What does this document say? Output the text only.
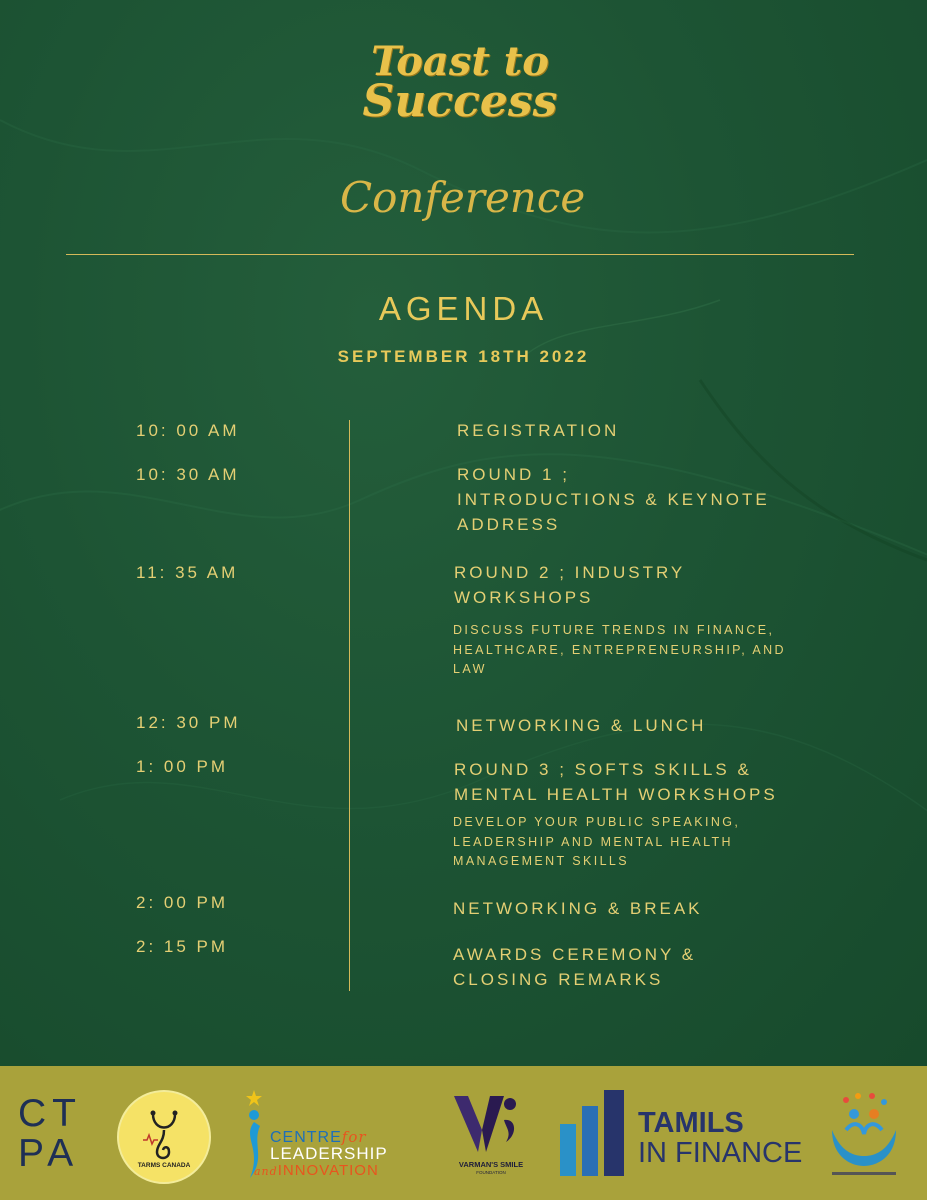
Toast to
Success
Conference
AGENDA
SEPTEMBER 18TH 2022
10: 00 AM	REGISTRATION
10: 30 AM	ROUND 1 ;
INTRODUCTIONS & KEYNOTE
ADDRESS
11: 35 AM	ROUND 2 ; INDUSTRY
WORKSHOPS
DISCUSS FUTURE TRENDS IN FINANCE,
HEALTHCARE, ENTREPRENEURSHIP, AND
LAW
12: 30 PM	NETWORKING & LUNCH
1: 00 PM	ROUND 3 ; SOFTS SKILLS &
MENTAL HEALTH WORKSHOPS
DEVELOP YOUR PUBLIC SPEAKING,
LEADERSHIP AND MENTAL HEALTH
MANAGEMENT SKILLS
2: 00 PM	NETWORKING & BREAK
2: 15 PM	AWARDS CEREMONY &
CLOSING REMARKS
CT
PA	TARMS CANADA
CENTREfor
LEADERSHIP
andINNOVATION	VARMAN'S SMILE
FOUNDATION
TAMILS
IN FINANCE
